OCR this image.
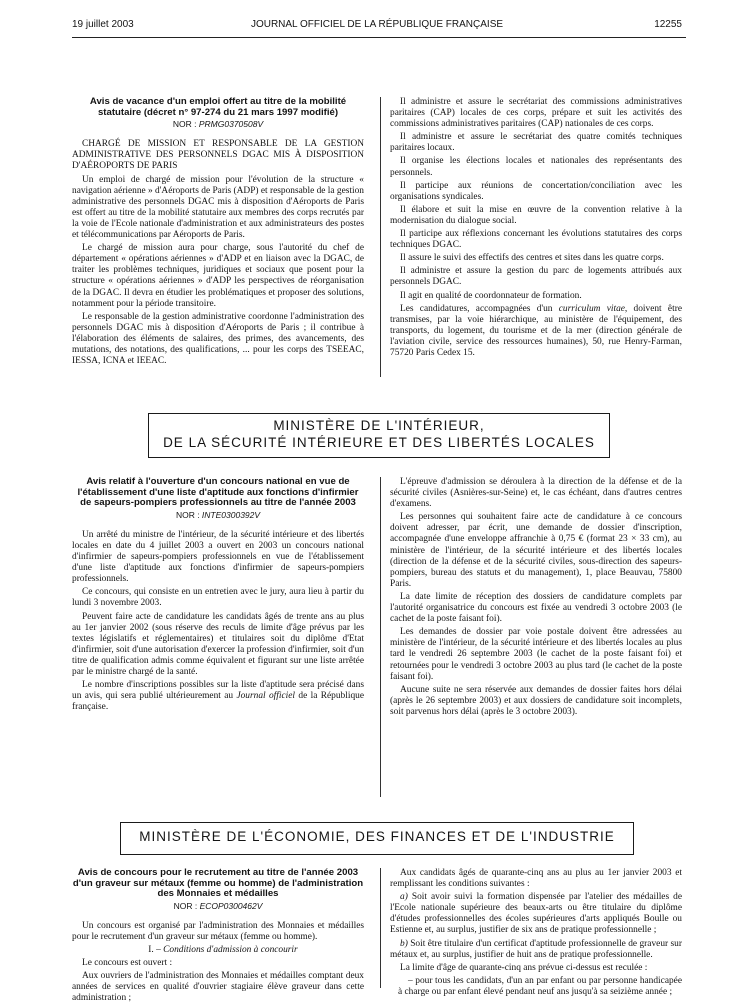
19 juillet 2003	JOURNAL OFFICIEL DE LA RÉPUBLIQUE FRANÇAISE	12255
Avis de vacance d'un emploi offert au titre de la mobilité statutaire (décret n° 97-274 du 21 mars 1997 modifié)
NOR : PRMG0370508V

CHARGÉ DE MISSION ET RESPONSABLE DE LA GESTION ADMINISTRATIVE DES PERSONNELS DGAC MIS À DISPOSITION D'AÉROPORTS DE PARIS

Un emploi de chargé de mission pour l'évolution de la structure « navigation aérienne » d'Aéroports de Paris (ADP) et responsable de la gestion administrative des personnels DGAC mis à disposition d'Aéroports de Paris est offert au titre de la mobilité statutaire aux membres des corps recrutés par la voie de l'Ecole nationale d'administration et aux administrateurs des postes et télécommunications par Aéroports de Paris.

Le chargé de mission aura pour charge, sous l'autorité du chef de département « opérations aériennes » d'ADP et en liaison avec la DGAC, de traiter les problèmes techniques, juridiques et sociaux que posent pour la structure « opérations aériennes » d'ADP les perspectives de réorganisation de la DGAC. Il devra en étudier les problématiques et proposer des solutions, notamment pour la période transitoire.

Le responsable de la gestion administrative coordonne l'administration des personnels DGAC mis à disposition d'Aéroports de Paris ; il contribue à l'élaboration des éléments de salaires, des primes, des avancements, des mutations, des notations, des qualifications, ... pour les corps des TSEEAC, IESSA, ICNA et IEEAC.

Il administre et assure le secrétariat des commissions administratives paritaires (CAP) locales de ces corps, prépare et suit les activités des commissions administratives paritaires (CAP) nationales de ces corps.

Il administre et assure le secrétariat des quatre comités techniques paritaires locaux.

Il organise les élections locales et nationales des représentants des personnels.

Il participe aux réunions de concertation/conciliation avec les organisations syndicales.

Il élabore et suit la mise en œuvre de la convention relative à la modernisation du dialogue social.

Il participe aux réflexions concernant les évolutions statutaires des corps techniques DGAC.

Il assure le suivi des effectifs des centres et sites dans les quatre corps.

Il administre et assure la gestion du parc de logements attribués aux personnels DGAC.

Il agit en qualité de coordonnateur de formation.

Les candidatures, accompagnées d'un curriculum vitae, doivent être transmises, par la voie hiérarchique, au ministère de l'équipement, des transports, du logement, du tourisme et de la mer (direction générale de l'aviation civile, service des ressources humaines), 50, rue Henry-Farman, 75720 Paris Cedex 15.

MINISTÈRE DE L'INTÉRIEUR,
DE LA SÉCURITÉ INTÉRIEURE ET DES LIBERTÉS LOCALES
Avis relatif à l'ouverture d'un concours national en vue de l'établissement d'une liste d'aptitude aux fonctions d'infirmier de sapeurs-pompiers professionnels au titre de l'année 2003
NOR : INTE0300392V

Un arrêté du ministre de l'intérieur, de la sécurité intérieure et des libertés locales en date du 4 juillet 2003 a ouvert en 2003 un concours national d'infirmier de sapeurs-pompiers professionnels en vue de l'établissement d'une liste d'aptitude aux fonctions d'infirmier de sapeurs-pompiers professionnels.

Ce concours, qui consiste en un entretien avec le jury, aura lieu à partir du lundi 3 novembre 2003.

Peuvent faire acte de candidature les candidats âgés de trente ans au plus au 1er janvier 2002 (sous réserve des reculs de limite d'âge prévus par les textes législatifs et réglementaires) et titulaires soit du diplôme d'Etat d'infirmier, soit d'une autorisation d'exercer la profession d'infirmier, soit d'un titre de qualification admis comme équivalent et figurant sur une liste arrêtée par le ministre chargé de la santé.

Le nombre d'inscriptions possibles sur la liste d'aptitude sera précisé dans un avis, qui sera publié ultérieurement au Journal officiel de la République française.

L'épreuve d'admission se déroulera à la direction de la défense et de la sécurité civiles (Asnières-sur-Seine) et, le cas échéant, dans d'autres centres d'examens.

Les personnes qui souhaitent faire acte de candidature à ce concours doivent adresser, par écrit, une demande de dossier d'inscription, accompagnée d'une enveloppe affranchie à 0,75 € (format 23 × 33 cm), au ministère de l'intérieur, de la sécurité intérieure et des libertés locales (direction de la défense et de la sécurité civiles, sous-direction des sapeurs-pompiers, bureau des statuts et du management), 1, place Beauvau, 75800 Paris.

La date limite de réception des dossiers de candidature complets par l'autorité organisatrice du concours est fixée au vendredi 3 octobre 2003 (le cachet de la poste faisant foi).

Les demandes de dossier par voie postale doivent être adressées au ministère de l'intérieur, de la sécurité intérieure et des libertés locales au plus tard le vendredi 26 septembre 2003 (le cachet de la poste faisant foi) et retournées pour le vendredi 3 octobre 2003 au plus tard (le cachet de la poste faisant foi).

Aucune suite ne sera réservée aux demandes de dossier faites hors délai (après le 26 septembre 2003) et aux dossiers de candidature soit incomplets, soit parvenus hors délai (après le 3 octobre 2003).

MINISTÈRE DE L'ÉCONOMIE, DES FINANCES ET DE L'INDUSTRIE
Avis de concours pour le recrutement au titre de l'année 2003 d'un graveur sur métaux (femme ou homme) de l'administration des Monnaies et médailles
NOR : ECOP0300462V

Un concours est organisé par l'administration des Monnaies et médailles pour le recrutement d'un graveur sur métaux (femme ou homme).

I. – Conditions d'admission à concourir

Le concours est ouvert :

Aux ouvriers de l'administration des Monnaies et médailles comptant deux années de services en qualité d'ouvrier stagiaire élève graveur dans cette administration ;

Aux candidats âgés de quarante-cinq ans au plus au 1er janvier 2003 et remplissant les conditions suivantes :

a) Soit avoir suivi la formation dispensée par l'atelier des médailles de l'Ecole nationale supérieure des beaux-arts ou être titulaire du diplôme d'études professionnelles des écoles supérieures d'arts appliqués Boulle ou Estienne et, au surplus, justifier de six ans de pratique professionnelle ;

b) Soit être titulaire d'un certificat d'aptitude professionnelle de graveur sur métaux et, au surplus, justifier de huit ans de pratique professionnelle.

La limite d'âge de quarante-cinq ans prévue ci-dessus est reculée :

– pour tous les candidats, d'un an par enfant ou par personne handicapée à charge ou par enfant élevé pendant neuf ans jusqu'à sa seizième année ;
